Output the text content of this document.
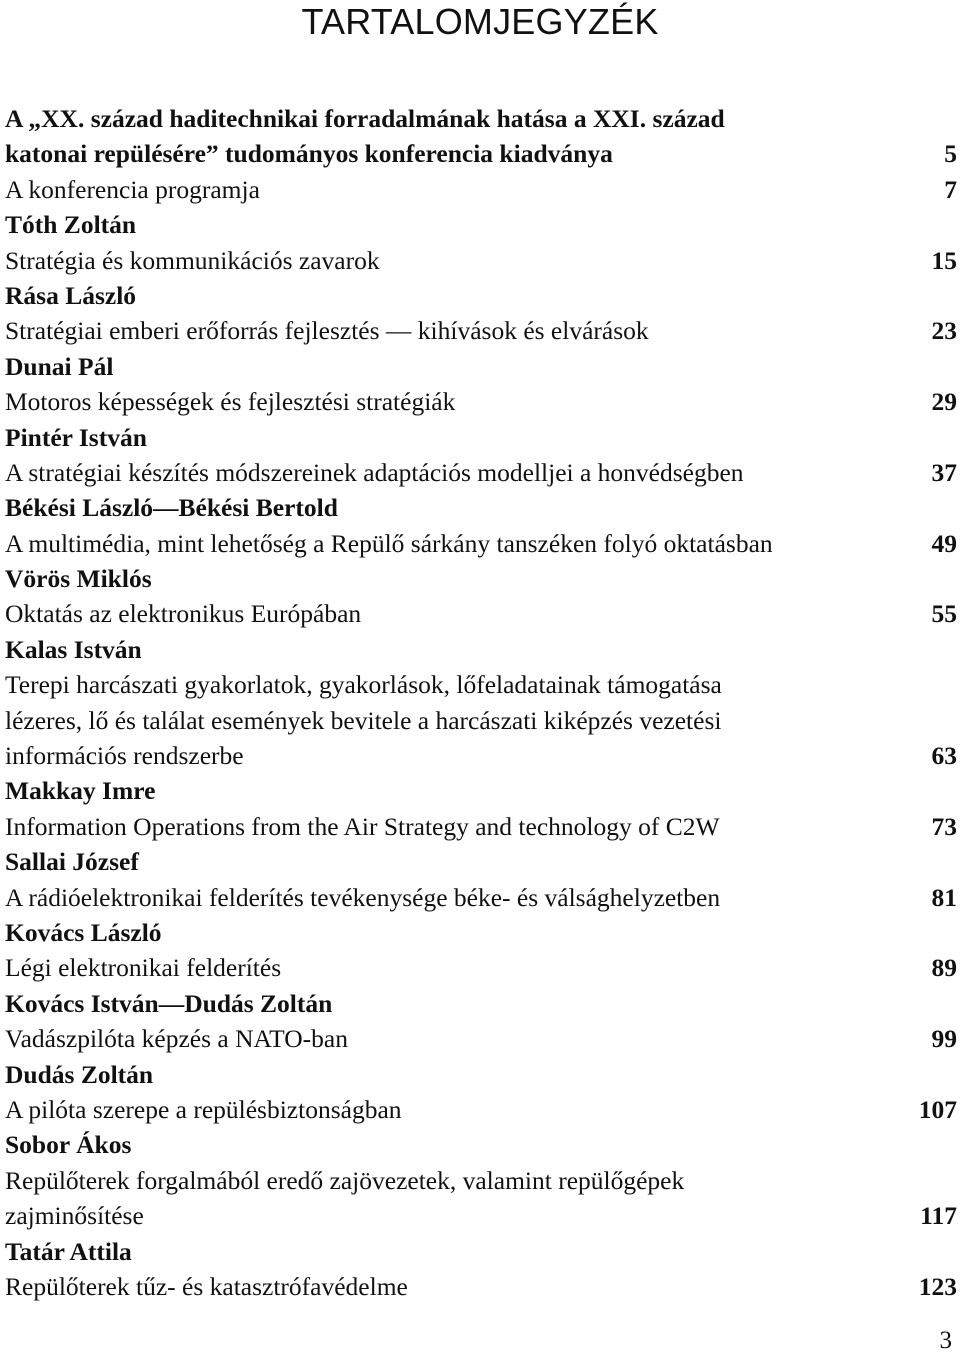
TARTALOMJEGYZÉK
A „XX. század haditechnikai forradalmának hatása a XXI. század
katonai repülésére” tudományos konferencia kiadványa	5
A konferencia programja	7
Tóth Zoltán
Stratégia és kommunikációs zavarok	15
Rása László
Stratégiai emberi erőforrás fejlesztés — kihívások és elvárások	23
Dunai Pál
Motoros képességek és fejlesztési stratégiák	29
Pintér István
A stratégiai készítés módszereinek adaptációs modelljei a honvédségben	37
Békési László—Békési Bertold
A multimédia, mint lehetőség a Repülő sárkány tanszéken folyó oktatásban	49
Vörös Miklós
Oktatás az elektronikus Európában	55
Kalas István
Terepi harcászati gyakorlatok, gyakorlások, lőfeladatainak támogatása
lézeres, lő és találat események bevitele a harcászati kiképzés vezetési
információs rendszerbe	63
Makkay Imre
Information Operations from the Air Strategy and technology of C2W	73
Sallai József
A rádióelektronikai felderítés tevékenysége béke- és válsághelyzetben	81
Kovács László
Légi elektronikai felderítés	89
Kovács István—Dudás Zoltán
Vadászpilóta képzés a NATO-ban	99
Dudás Zoltán
A pilóta szerepe a repülésbiztonságban	107
Sobor Ákos
Repülőterek forgalmából eredő zajövezetek, valamint repülőgépek
zajminősítése	117
Tatár Attila
Repülőterek tűz- és katasztrófavédelme	123
3
